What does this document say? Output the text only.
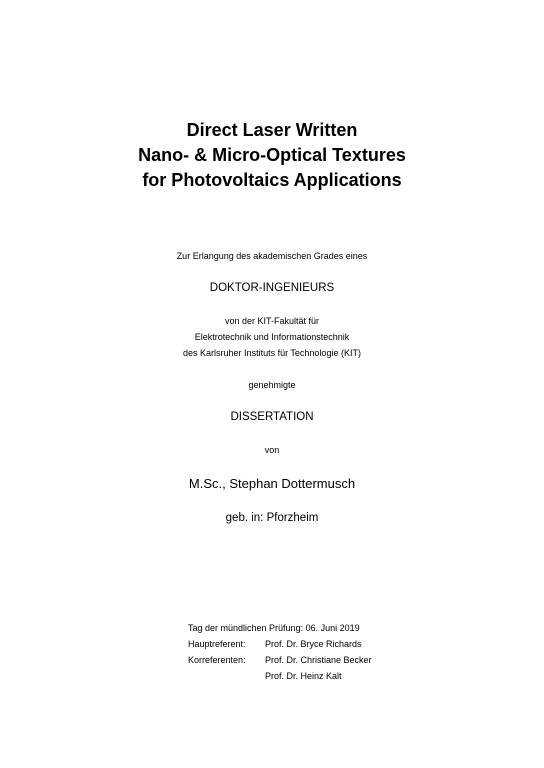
Direct Laser Written
Nano- & Micro-Optical Textures
for Photovoltaics Applications
Zur Erlangung des akademischen Grades eines
DOKTOR-INGENIEURS
von der KIT-Fakultät für
Elektrotechnik und Informationstechnik
des Karlsruher Instituts für Technologie (KIT)
genehmigte
DISSERTATION
von
M.Sc., Stephan Dottermusch
geb. in: Pforzheim
Tag der mündlichen Prüfung: 06. Juni 2019
Hauptreferent:	Prof. Dr. Bryce Richards
Korreferenten:	Prof. Dr. Christiane Becker
Prof. Dr. Heinz Kalt
